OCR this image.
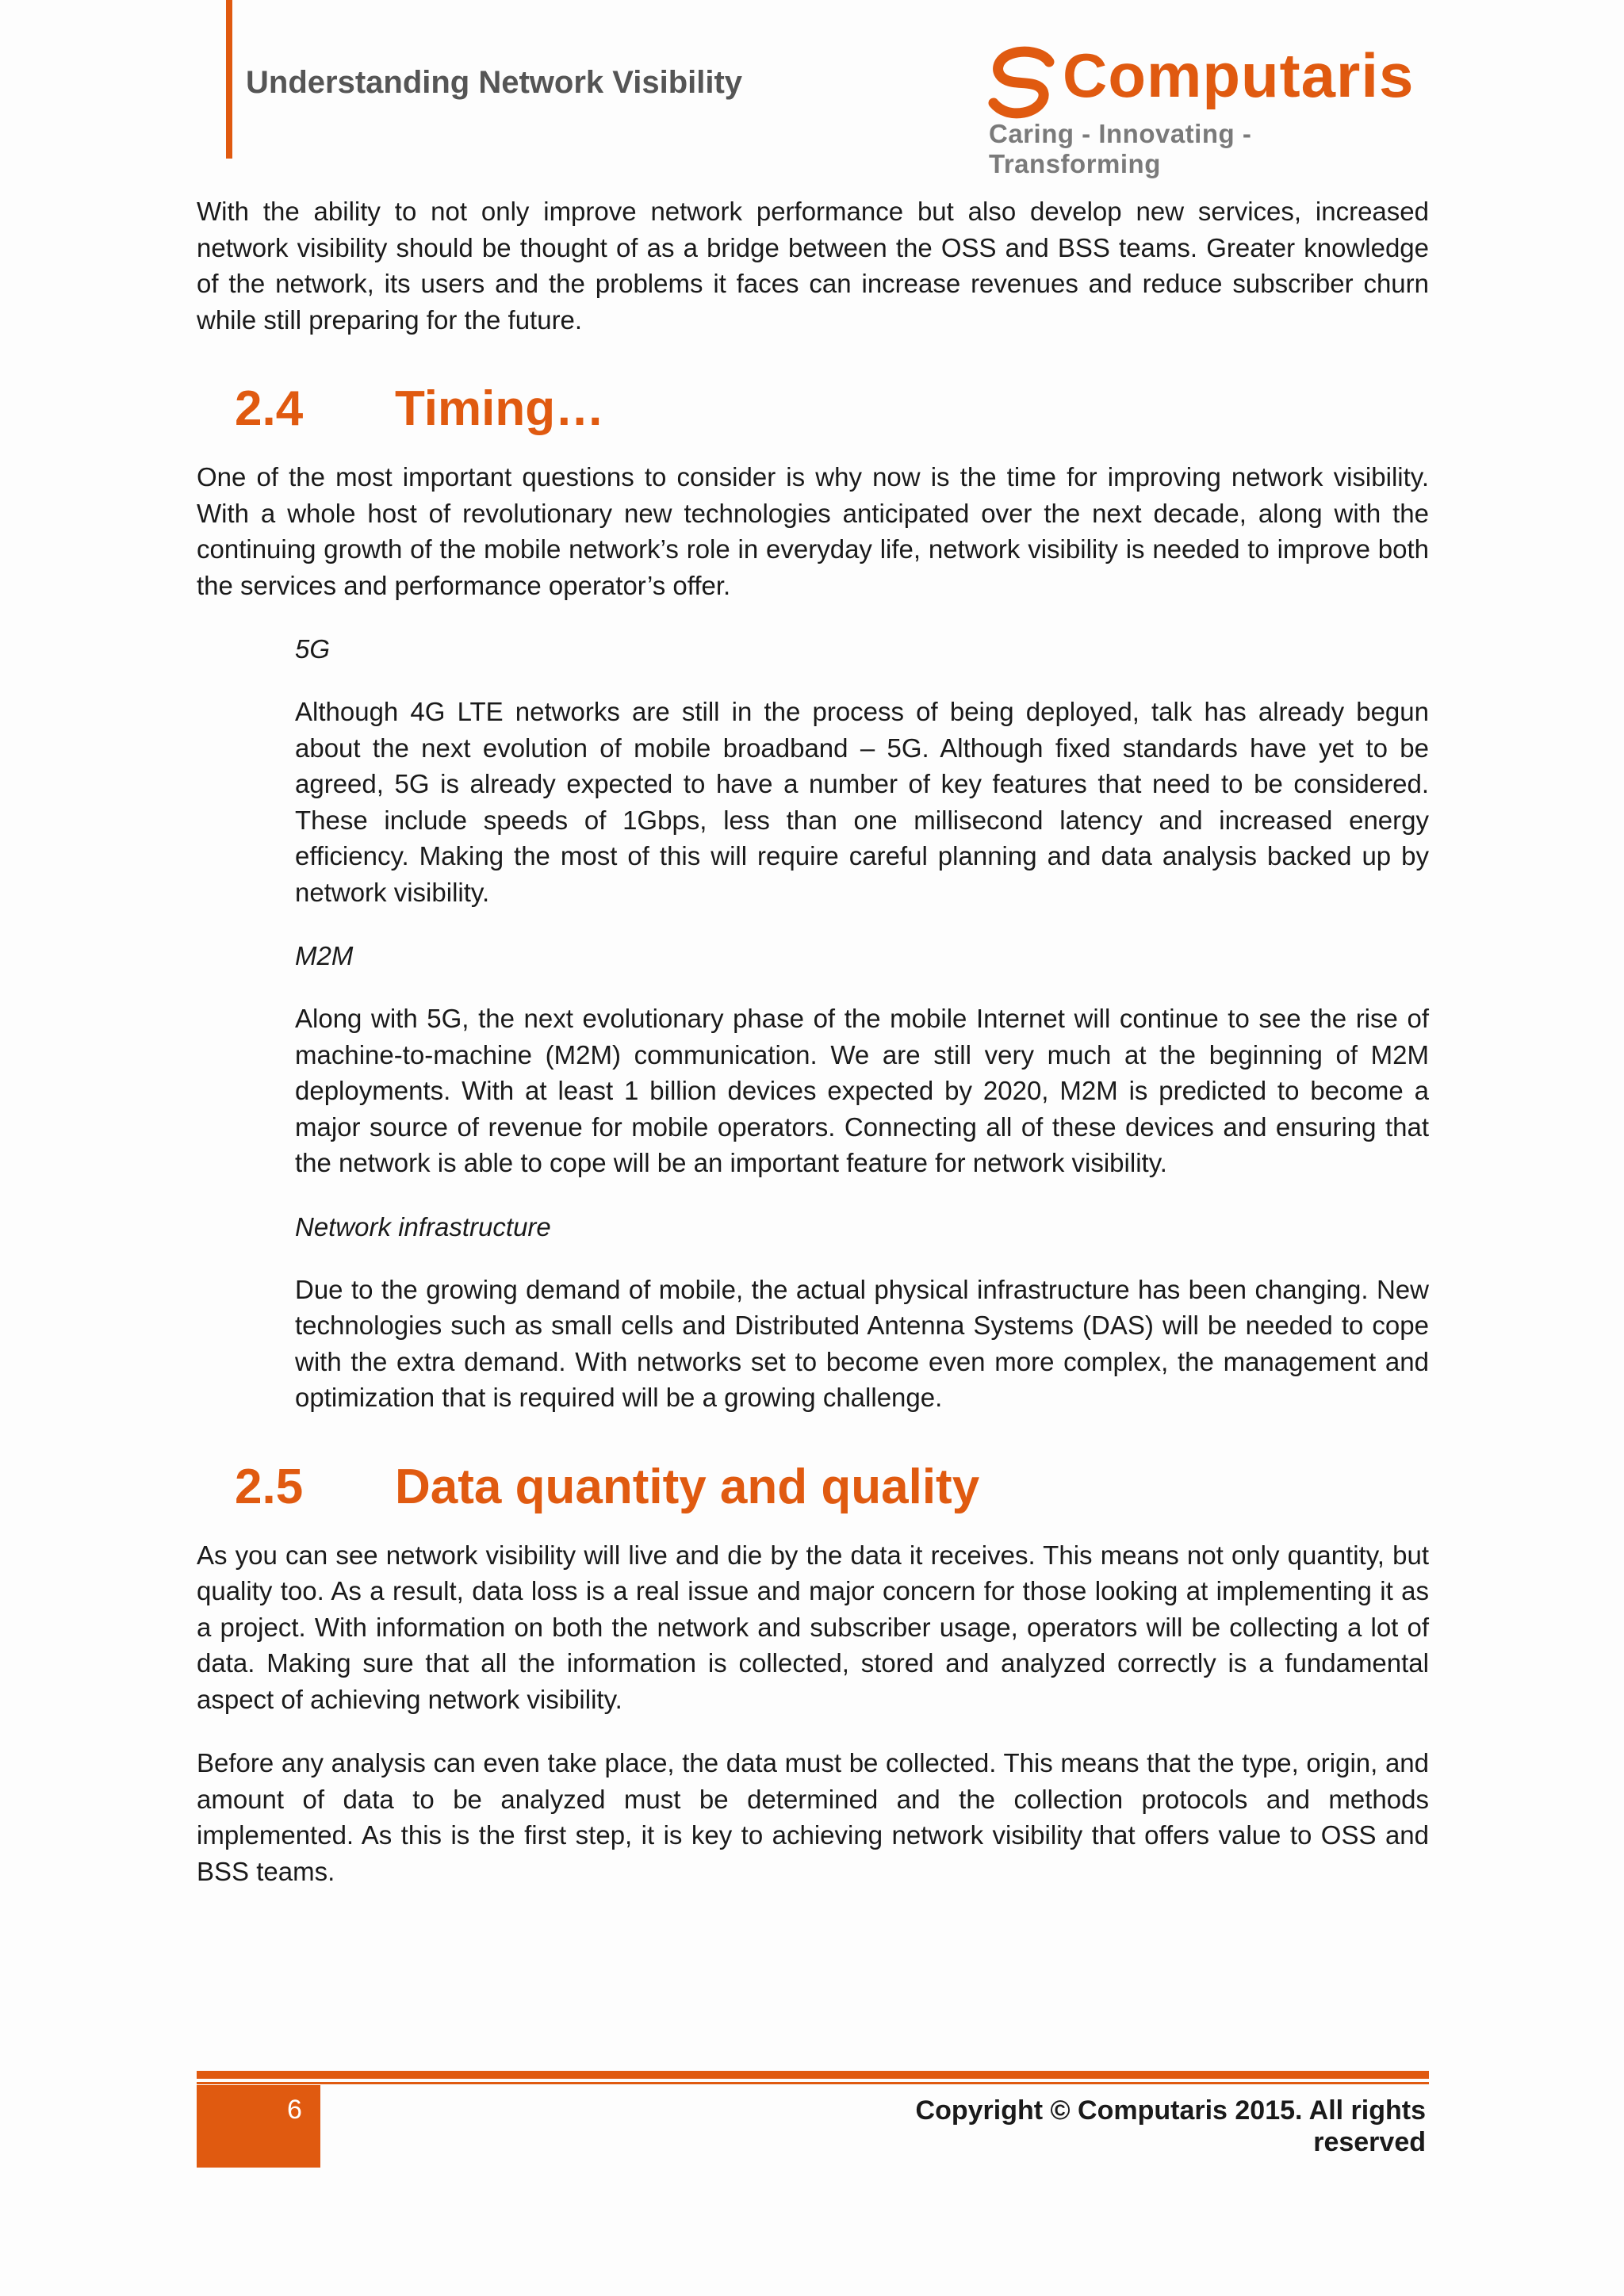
Understanding Network Visibility	Computaris
Caring - Innovating - Transforming

With the ability to not only improve network performance but also develop new services, increased network visibility should be thought of as a bridge between the OSS and BSS teams. Greater knowledge of the network, its users and the problems it faces can increase revenues and reduce subscriber churn while still preparing for the future.

2.4	Timing…

One of the most important questions to consider is why now is the time for improving network visibility. With a whole host of revolutionary new technologies anticipated over the next decade, along with the continuing growth of the mobile network’s role in everyday life, network visibility is needed to improve both the services and performance operator’s offer.

5G

Although 4G LTE networks are still in the process of being deployed, talk has already begun about the next evolution of mobile broadband – 5G. Although fixed standards have yet to be agreed, 5G is already expected to have a number of key features that need to be considered. These include speeds of 1Gbps, less than one millisecond latency and increased energy efficiency. Making the most of this will require careful planning and data analysis backed up by network visibility.

M2M

Along with 5G, the next evolutionary phase of the mobile Internet will continue to see the rise of machine-to-machine (M2M) communication. We are still very much at the beginning of M2M deployments. With at least 1 billion devices expected by 2020, M2M is predicted to become a major source of revenue for mobile operators. Connecting all of these devices and ensuring that the network is able to cope will be an important feature for network visibility.

Network infrastructure

Due to the growing demand of mobile, the actual physical infrastructure has been changing. New technologies such as small cells and Distributed Antenna Systems (DAS) will be needed to cope with the extra demand. With networks set to become even more complex, the management and optimization that is required will be a growing challenge.

2.5	Data quantity and quality

As you can see network visibility will live and die by the data it receives. This means not only quantity, but quality too. As a result, data loss is a real issue and major concern for those looking at implementing it as a project. With information on both the network and subscriber usage, operators will be collecting a lot of data. Making sure that all the information is collected, stored and analyzed correctly is a fundamental aspect of achieving network visibility.

Before any analysis can even take place, the data must be collected. This means that the type, origin, and amount of data to be analyzed must be determined and the collection protocols and methods implemented. As this is the first step, it is key to achieving network visibility that offers value to OSS and BSS teams.

6	Copyright © Computaris 2015. All rights
reserved
